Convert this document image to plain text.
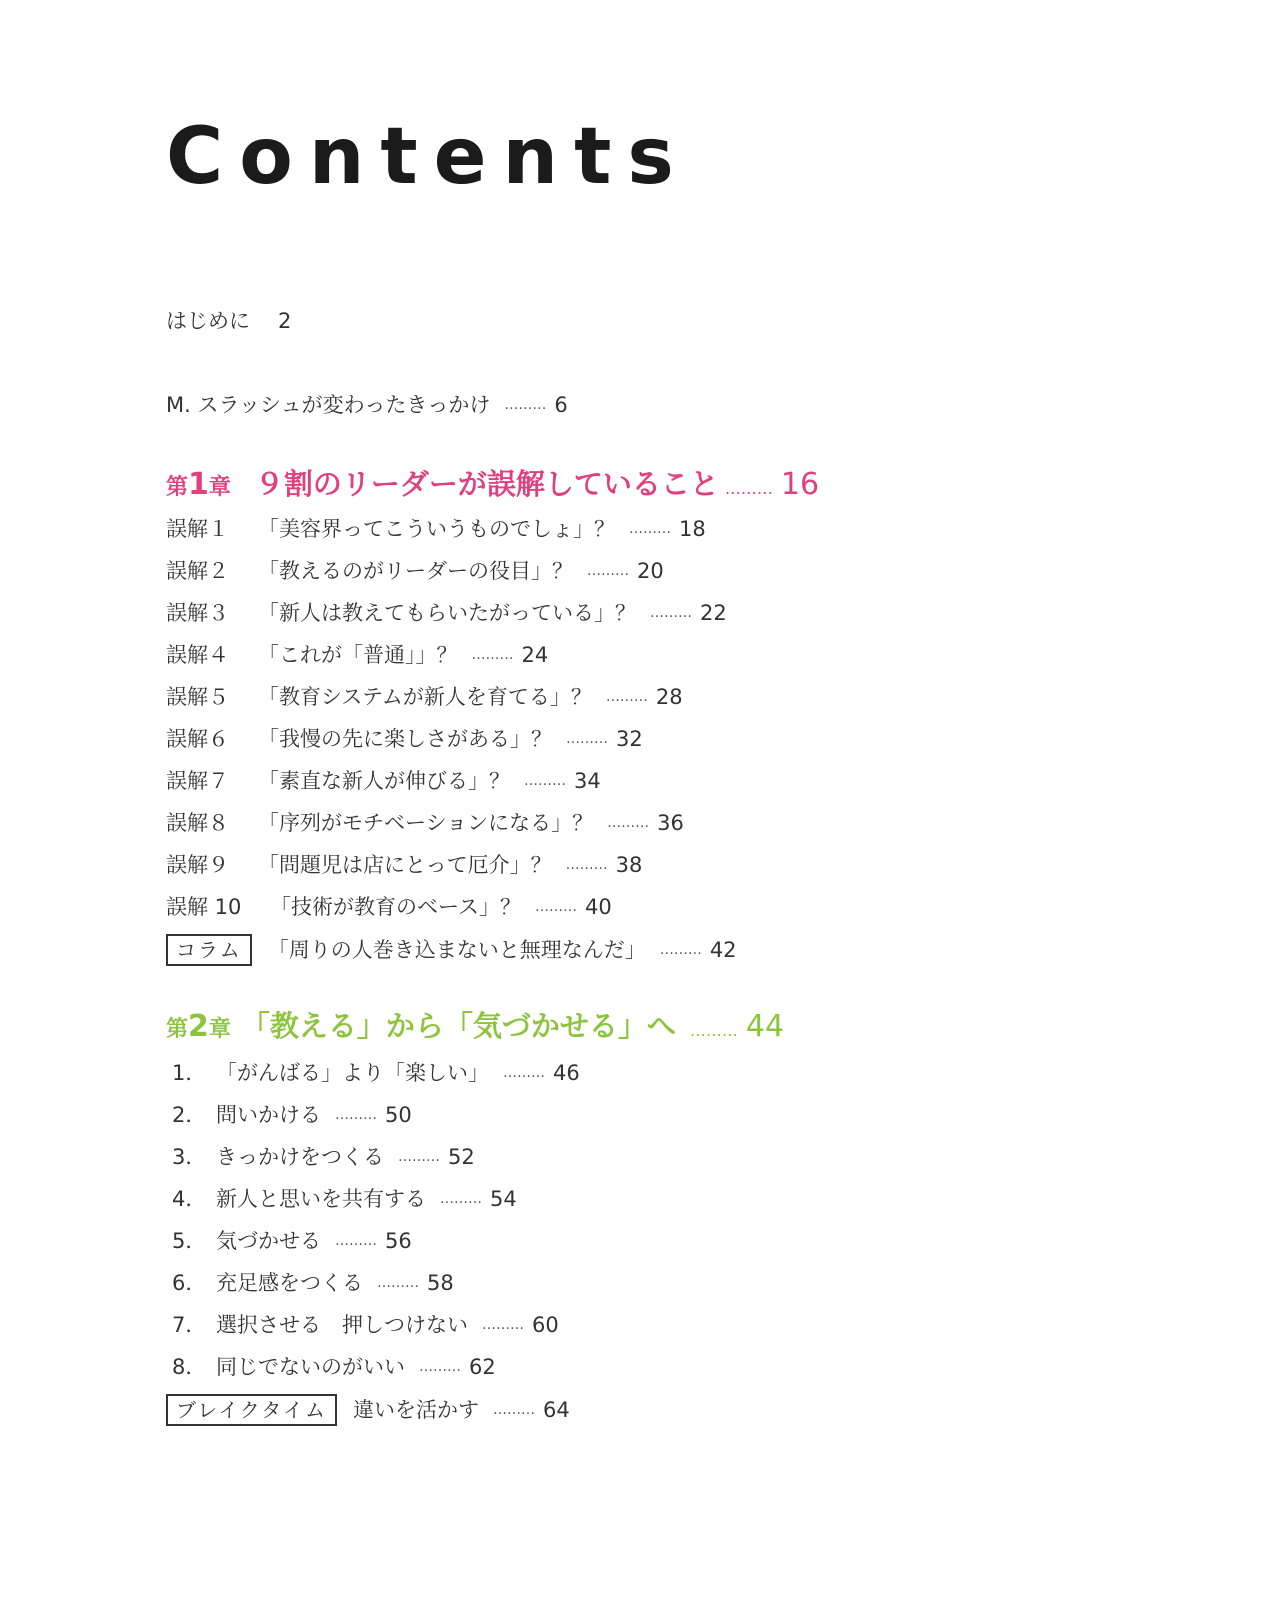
Contents
はじめに 2
M. スラッシュが変わったきっかけ ……… 6
第1章 ９割のリーダーが誤解していること ……… 16
誤解１	「美容界ってこういうものでしょ」？ ……… 18
誤解２	「教えるのがリーダーの役目」？ ……… 20
誤解３	「新人は教えてもらいたがっている」？ ……… 22
誤解４	「これが「普通」」？ ……… 24
誤解５	「教育システムが新人を育てる」？ ……… 28
誤解６	「我慢の先に楽しさがある」？ ……… 32
誤解７	「素直な新人が伸びる」？ ……… 34
誤解８	「序列がモチベーションになる」？ ……… 36
誤解９	「問題児は店にとって厄介」？ ……… 38
誤解 10	「技術が教育のベース」？ ……… 40
コラム	「周りの人巻き込まないと無理なんだ」 ……… 42
第2章 「教える」から「気づかせる」へ ……… 44
1． 「がんばる」より「楽しい」 ……… 46
2． 問いかける ……… 50
3． きっかけをつくる ……… 52
4． 新人と思いを共有する ……… 54
5． 気づかせる ……… 56
6． 充足感をつくる ……… 58
7． 選択させる　押しつけない ……… 60
8． 同じでないのがいい ……… 62
ブレイクタイム	違いを活かす ……… 64
